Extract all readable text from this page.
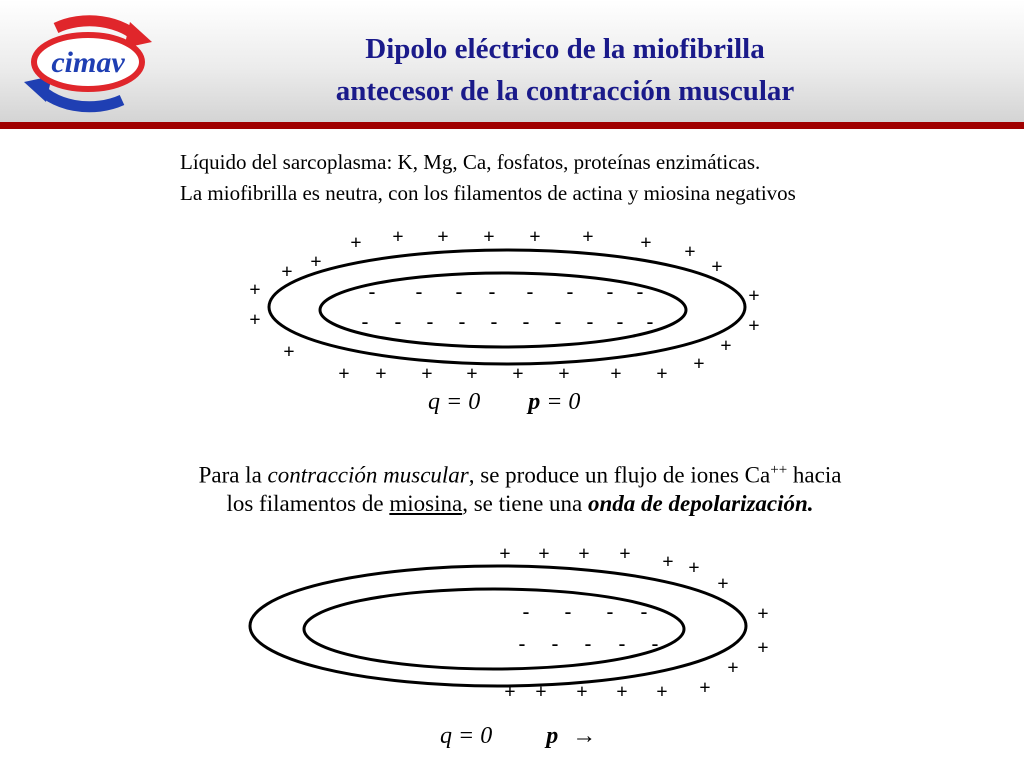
cimav	Dipolo eléctrico de la miofibrilla
antecesor de la contracción muscular
Líquido del sarcoplasma: K, Mg, Ca, fosfatos, proteínas enzimáticas.
La miofibrilla es neutra, con los filamentos de actina y miosina negativos
+ + + + + + + +
+
+
+
+
+
+
+
+
+
+
+ + + + + + + +
- - - - - - - -
- - - - - - - - - -
q = 0 p = 0
Para la contracción muscular, se produce un flujo de iones Ca++ hacia
los filamentos de miosina, se tiene una onda de depolarización.
+ + + + + +
+
+
+
+
+
+ + + + +
- - - -
- - - - -
q = 0 p →
